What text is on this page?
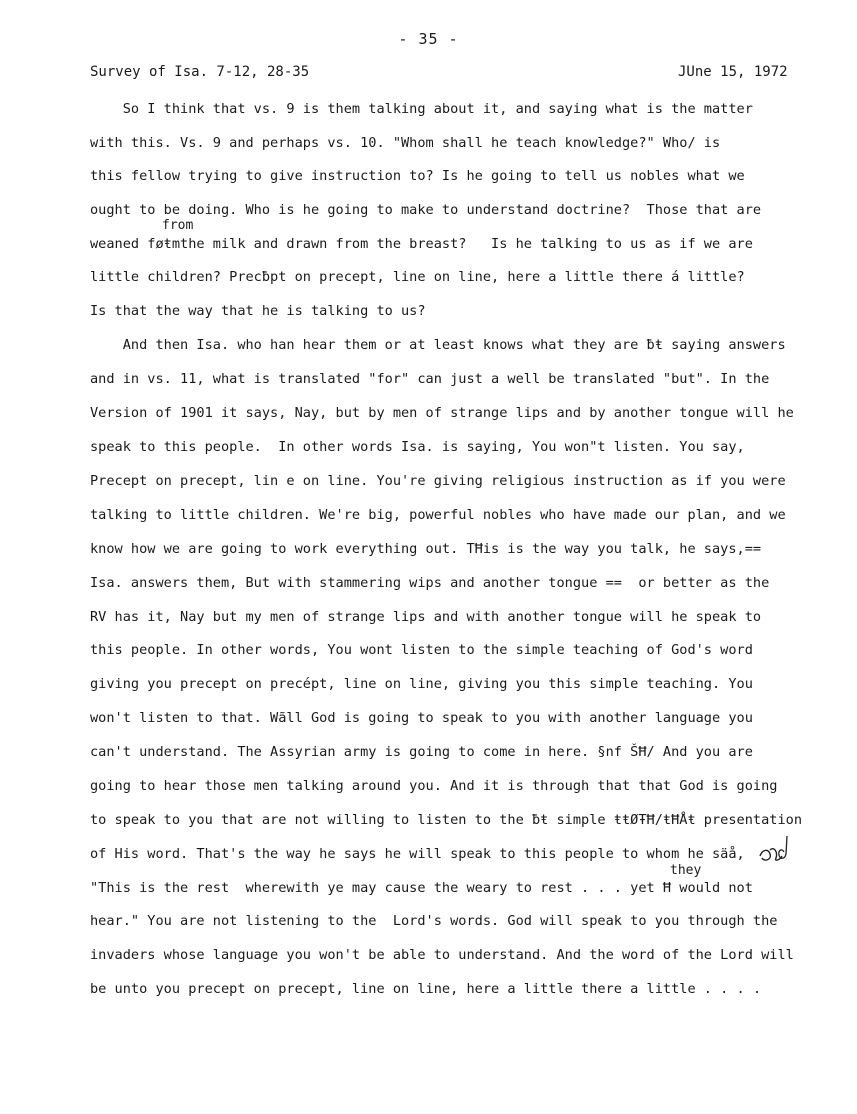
- 35 -
Survey of Isa. 7-12, 28-35	JUne 15, 1972
So I think that vs. 9 is them talking about it, and saying what is the matter
with this. Vs. 9 and perhaps vs. 10. "Whom shall he teach knowledge?" Who∕ is
this fellow trying to give instruction to? Is he going to tell us nobles what we
ought to be doing. Who is he going to make to understand doctrine?  Those that are
from
weaned føŧmthe milk and drawn from the breast?   Is he talking to us as if we are
little children? Precƀpt on precept, line on line, here a little there á little?
Is that the way that he is talking to us?
And then Isa. who han hear them or at least knows what they are ƀŧ saying answers
and in vs. 11, what is translated "for" can just a well be translated "but". In the
Version of 1901 it says, Nay, but by men of strange lips and by another tongue will he
speak to this people.  In other words Isa. is saying, You won"t listen. You say,
Precept on precept, lin e on line. You're giving religious instruction as if you were
talking to little children. We're big, powerful nobles who have made our plan, and we
know how we are going to work everything out. TĦis is the way you talk, he says,==
Isa. answers them, But with stammering wips and another tongue ==  or better as the
RV has it, Nay but my men of strange lips and with another tongue will he speak to
this people. In other words, You wont listen to the simple teaching of God's word
giving you precept on precépt, line on line, giving you this simple teaching. You
won't listen to that. Wãll God is going to speak to you with another language you
can't understand. The Assyrian army is going to come in here. §nf ŠĦ/ And you are
going to hear those men talking around you. And it is through that that God is going
to speak to you that are not willing to listen to the ƀŧ simple ŧŧØŦĦ/ŧĦÅŧ presentation
of His word. That's the way he says he will speak to this people to whom he säå,
they
"This is the rest  wherewith ye may cause the weary to rest . . . yet Ħ would not
hear." You are not listening to the  Lord's words. God will speak to you through the
invaders whose language you won't be able to understand. And the word of the Lord will
be unto you precept on precept, line on line, here a little there a little . . . .
